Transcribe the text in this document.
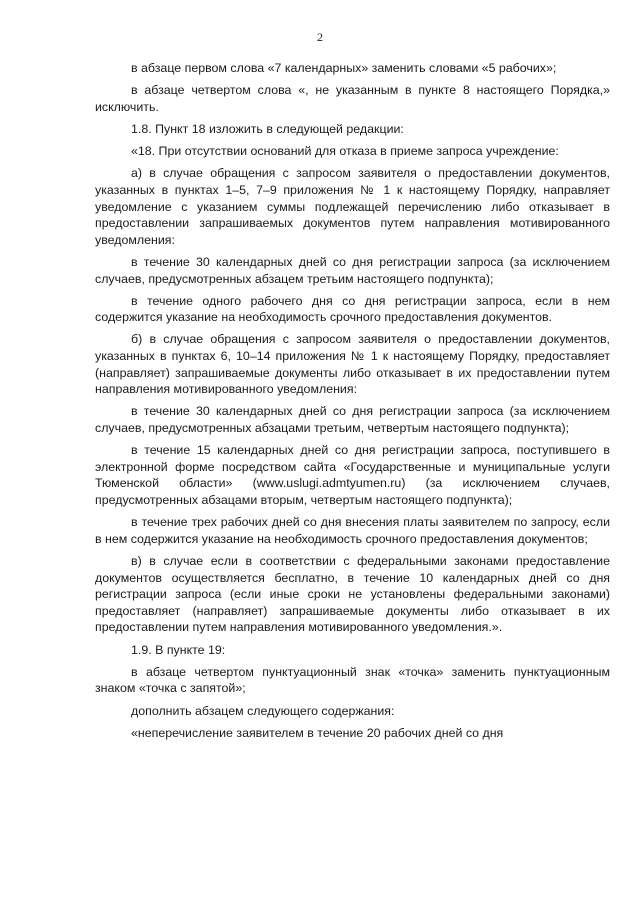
2

в абзаце первом слова «7 календарных» заменить словами «5 рабочих»;

в абзаце четвертом слова «, не указанным в пункте 8 настоящего Порядка,» исключить.

1.8. Пункт 18 изложить в следующей редакции:

«18. При отсутствии оснований для отказа в приеме запроса учреждение:

а) в случае обращения с запросом заявителя о предоставлении документов, указанных в пунктах 1–5, 7–9 приложения № 1 к настоящему Порядку, направляет уведомление с указанием суммы подлежащей перечислению либо отказывает в предоставлении запрашиваемых документов путем направления мотивированного уведомления:

в течение 30 календарных дней со дня регистрации запроса (за исключением случаев, предусмотренных абзацем третьим настоящего подпункта);

в течение одного рабочего дня со дня регистрации запроса, если в нем содержится указание на необходимость срочного предоставления документов.

б) в случае обращения с запросом заявителя о предоставлении документов, указанных в пунктах 6, 10–14 приложения № 1 к настоящему Порядку, предоставляет (направляет) запрашиваемые документы либо отказывает в их предоставлении путем направления мотивированного уведомления:

в течение 30 календарных дней со дня регистрации запроса (за исключением случаев, предусмотренных абзацами третьим, четвертым настоящего подпункта);

в течение 15 календарных дней со дня регистрации запроса, поступившего в электронной форме посредством сайта «Государственные и муниципальные услуги Тюменской области» (www.uslugi.admtyumen.ru) (за исключением случаев, предусмотренных абзацами вторым, четвертым настоящего подпункта);

в течение трех рабочих дней со дня внесения платы заявителем по запросу, если в нем содержится указание на необходимость срочного предоставления документов;

в) в случае если в соответствии с федеральными законами предоставление документов осуществляется бесплатно, в течение 10 календарных дней со дня регистрации запроса (если иные сроки не установлены федеральными законами) предоставляет (направляет) запрашиваемые документы либо отказывает в их предоставлении путем направления мотивированного уведомления.».

1.9. В пункте 19:

в абзаце четвертом пунктуационный знак «точка» заменить пунктуационным знаком «точка с запятой»;

дополнить абзацем следующего содержания:

«неперечисление заявителем в течение 20 рабочих дней со дня
